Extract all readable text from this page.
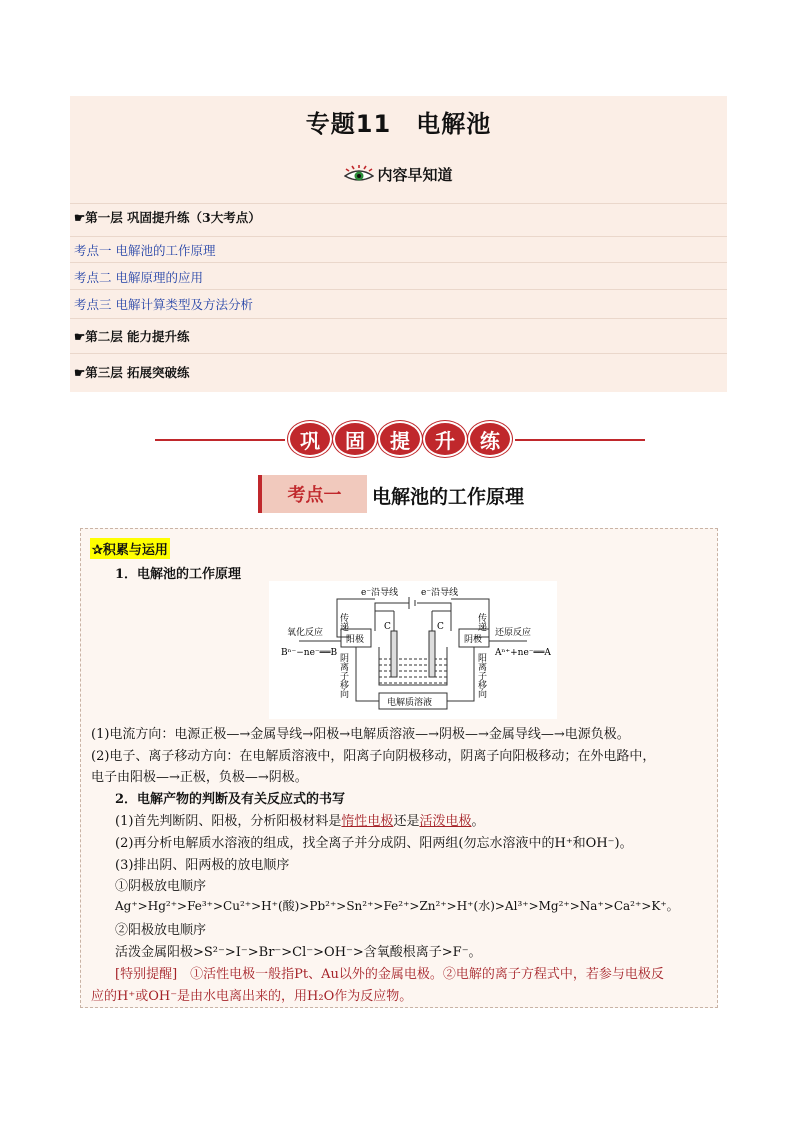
专题11　电解池
内容早知道
☛第一层 巩固提升练（3大考点）
考点一 电解池的工作原理
考点二 电解原理的应用
考点三 电解计算类型及方法分析
☛第二层 能力提升练
☛第三层 拓展突破练
巩	固	提	升	练
考点一	电解池的工作原理
✰积累与运用
1．电解池的工作原理
e⁻沿导线	e⁻沿导线
氧化反应	还原反应
阳极	阴极
Bⁿ⁻−ne⁻══B	Aⁿ⁺+ne⁻══A
C	C
电解质溶液
传递	传递
阴离子移向	阳离子移向
(1)电流方向：电源正极—→金属导线→阳极→电解质溶液—→阴极—→金属导线—→电源负极。
(2)电子、离子移动方向：在电解质溶液中，阳离子向阴极移动，阴离子向阳极移动；在外电路中，
电子由阳极—→正极，负极—→阴极。
2．电解产物的判断及有关反应式的书写
(1)首先判断阴、阳极，分析阳极材料是惰性电极还是活泼电极。
(2)再分析电解质水溶液的组成，找全离子并分成阴、阳两组(勿忘水溶液中的H⁺和OH⁻)。
(3)排出阴、阳两极的放电顺序
①阴极放电顺序
Ag⁺>Hg²⁺>Fe³⁺>Cu²⁺>H⁺(酸)>Pb²⁺>Sn²⁺>Fe²⁺>Zn²⁺>H⁺(水)>Al³⁺>Mg²⁺>Na⁺>Ca²⁺>K⁺。
②阳极放电顺序
活泼金属阳极>S²⁻>I⁻>Br⁻>Cl⁻>OH⁻>含氧酸根离子>F⁻。
[特别提醒]　①活性电极一般指Pt、Au以外的金属电极。②电解的离子方程式中，若参与电极反
应的H⁺或OH⁻是由水电离出来的，用H₂O作为反应物。
